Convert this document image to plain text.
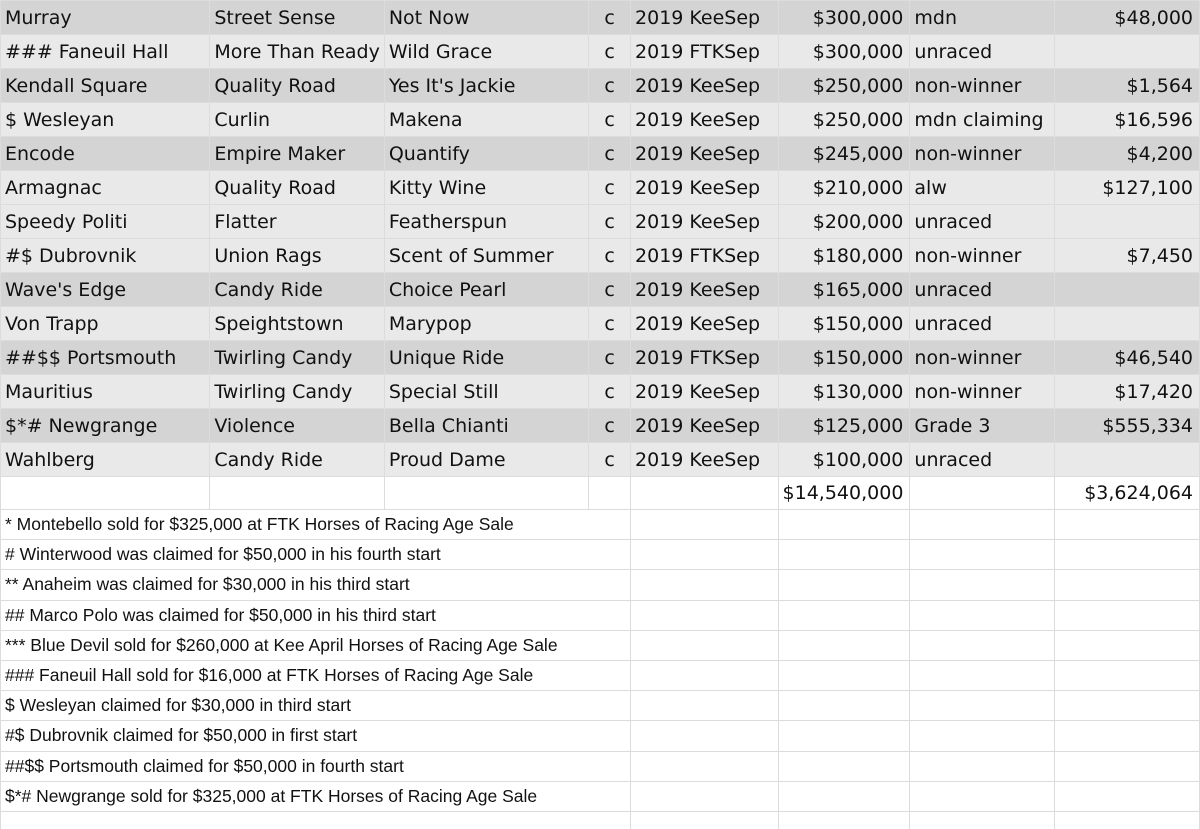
Murray	Street Sense	Not Now	c	2019 KeeSep	$300,000	mdn	$48,000
### Faneuil Hall	More Than Ready	Wild Grace	c	2019 FTKSep	$300,000	unraced	
Kendall Square	Quality Road	Yes It's Jackie	c	2019 KeeSep	$250,000	non-winner	$1,564
$ Wesleyan	Curlin	Makena	c	2019 KeeSep	$250,000	mdn claiming	$16,596
Encode	Empire Maker	Quantify	c	2019 KeeSep	$245,000	non-winner	$4,200
Armagnac	Quality Road	Kitty Wine	c	2019 KeeSep	$210,000	alw	$127,100
Speedy Politi	Flatter	Featherspun	c	2019 KeeSep	$200,000	unraced	
#$ Dubrovnik	Union Rags	Scent of Summer	c	2019 FTKSep	$180,000	non-winner	$7,450
Wave's Edge	Candy Ride	Choice Pearl	c	2019 KeeSep	$165,000	unraced	
Von Trapp	Speightstown	Marypop	c	2019 KeeSep	$150,000	unraced	
##$$ Portsmouth	Twirling Candy	Unique Ride	c	2019 FTKSep	$150,000	non-winner	$46,540
Mauritius	Twirling Candy	Special Still	c	2019 KeeSep	$130,000	non-winner	$17,420
$*# Newgrange	Violence	Bella Chianti	c	2019 KeeSep	$125,000	Grade 3	$555,334
Wahlberg	Candy Ride	Proud Dame	c	2019 KeeSep	$100,000	unraced	
					$14,540,000		$3,624,064
* Montebello sold for $325,000 at FTK Horses of Racing Age Sale							
# Winterwood was claimed for $50,000 in his fourth start							
** Anaheim was claimed for $30,000 in his third start							
## Marco Polo was claimed for $50,000 in his third start							
*** Blue Devil sold for $260,000 at Kee April Horses of Racing Age Sale							
### Faneuil Hall sold for $16,000 at FTK Horses of Racing Age Sale							
$ Wesleyan claimed for $30,000 in third start							
#$ Dubrovnik claimed for $50,000 in first start							
##$$ Portsmouth claimed for $50,000 in fourth start							
$*# Newgrange sold for $325,000 at FTK Horses of Racing Age Sale							
